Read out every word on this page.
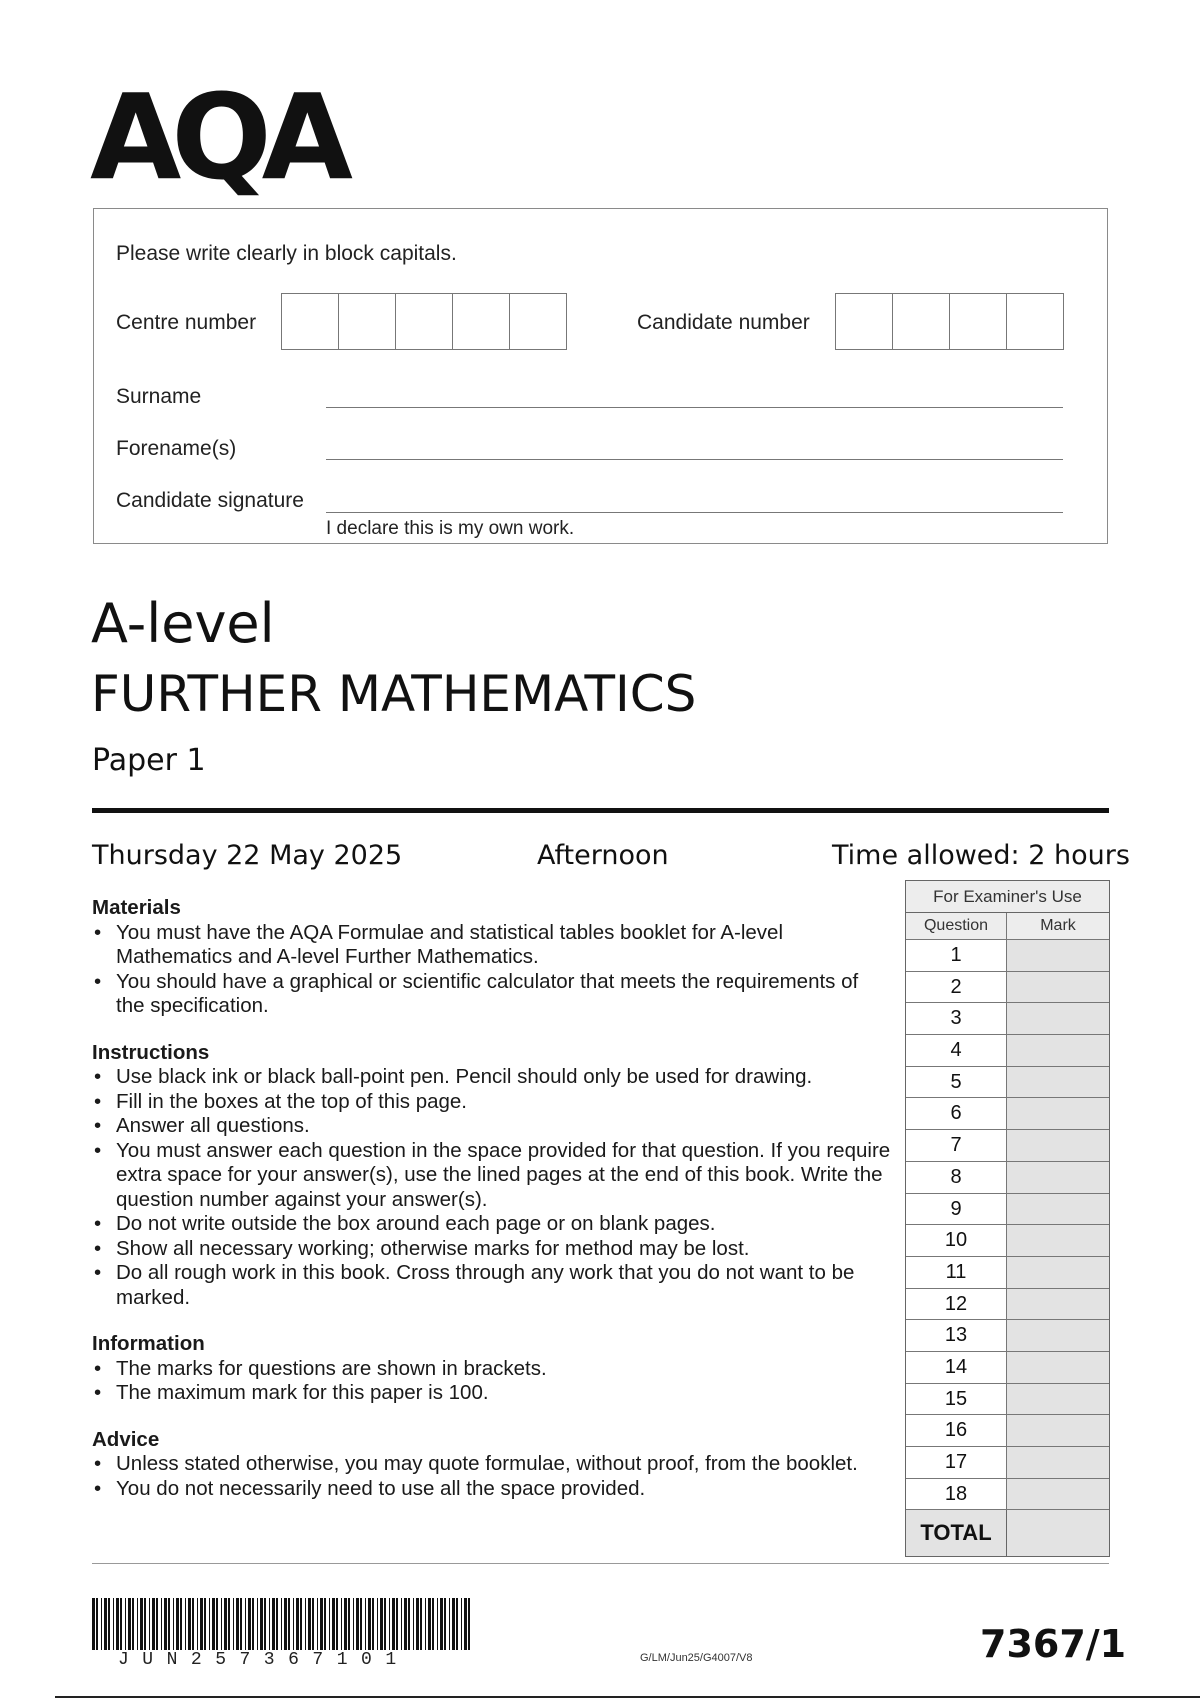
AQA
Please write clearly in block capitals.
Centre number	Candidate number
Surname
Forename(s)
Candidate signature
I declare this is my own work.
A-level
FURTHER MATHEMATICS
Paper 1
Thursday 22 May 2025	Afternoon	Time allowed: 2 hours
Materials
• You must have the AQA Formulae and statistical tables booklet for A-level Mathematics and A-level Further Mathematics.
• You should have a graphical or scientific calculator that meets the requirements of the specification.
Instructions
• Use black ink or black ball-point pen. Pencil should only be used for drawing.
• Fill in the boxes at the top of this page.
• Answer all questions.
• You must answer each question in the space provided for that question. If you require extra space for your answer(s), use the lined pages at the end of this book. Write the question number against your answer(s).
• Do not write outside the box around each page or on blank pages.
• Show all necessary working; otherwise marks for method may be lost.
• Do all rough work in this book. Cross through any work that you do not want to be marked.
Information
• The marks for questions are shown in brackets.
• The maximum mark for this paper is 100.
Advice
• Unless stated otherwise, you may quote formulae, without proof, from the booklet.
• You do not necessarily need to use all the space provided.
For Examiner's Use
Question	Mark
1
2
3
4
5
6
7
8
9
10
11
12
13
14
15
16
17
18
TOTAL
JUN257367101	G/LM/Jun25/G4007/V8	7367/1
